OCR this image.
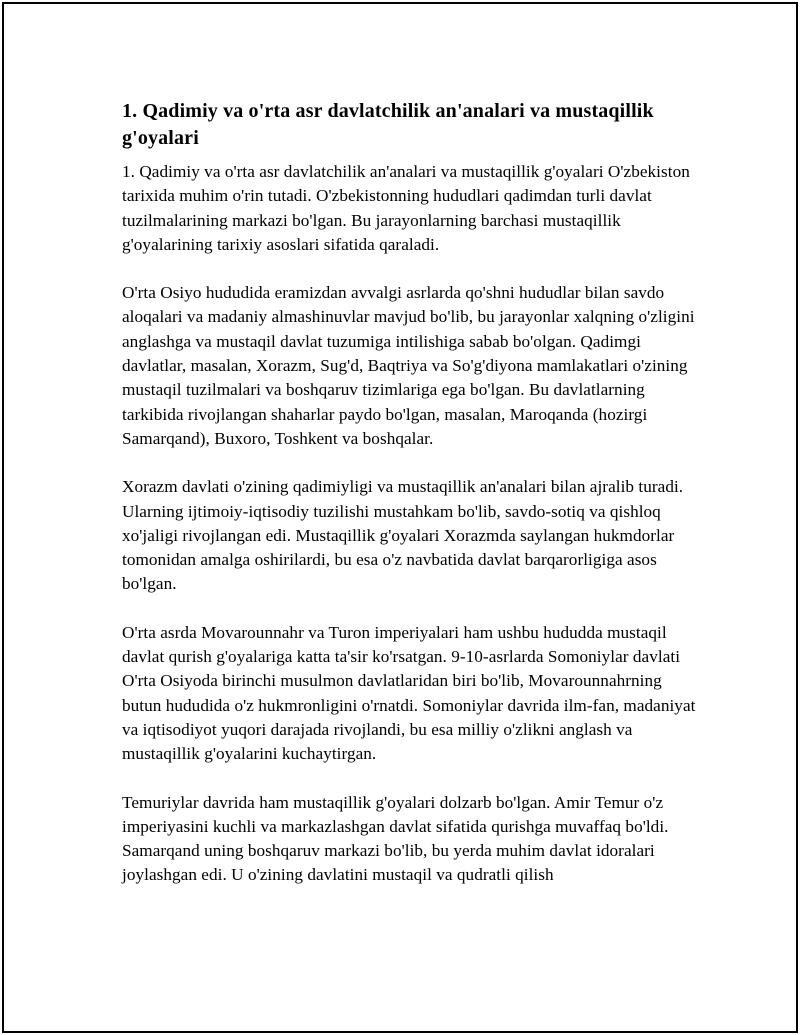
1. Qadimiy va o'rta asr davlatchilik an'analari va mustaqillik g'oyalari

1. Qadimiy va o'rta asr davlatchilik an'analari va mustaqillik g'oyalari O'zbekiston tarixida muhim o'rin tutadi. O'zbekistonning hududlari qadimdan turli davlat tuzilmalarining markazi bo'lgan. Bu jarayonlarning barchasi mustaqillik g'oyalarining tarixiy asoslari sifatida qaraladi.

O'rta Osiyo hududida eramizdan avvalgi asrlarda qo'shni hududlar bilan savdo aloqalari va madaniy almashinuvlar mavjud bo'lib, bu jarayonlar xalqning o'zligini anglashga va mustaqil davlat tuzumiga intilishiga sabab bo'olgan. Qadimgi davlatlar, masalan, Xorazm, Sug'd, Baqtriya va So'g'diyona mamlakatlari o'zining mustaqil tuzilmalari va boshqaruv tizimlariga ega bo'lgan. Bu davlatlarning tarkibida rivojlangan shaharlar paydo bo'lgan, masalan, Maroqanda (hozirgi Samarqand), Buxoro, Toshkent va boshqalar.

Xorazm davlati o'zining qadimiyligi va mustaqillik an'analari bilan ajralib turadi. Ularning ijtimoiy-iqtisodiy tuzilishi mustahkam bo'lib, savdo-sotiq va qishloq xo'jaligi rivojlangan edi. Mustaqillik g'oyalari Xorazmda saylangan hukmdorlar tomonidan amalga oshirilardi, bu esa o'z navbatida davlat barqarorligiga asos bo'lgan.

O'rta asrda Movarounnahr va Turon imperiyalari ham ushbu hududda mustaqil davlat qurish g'oyalariga katta ta'sir ko'rsatgan. 9-10-asrlarda Somoniylar davlati O'rta Osiyoda birinchi musulmon davlatlaridan biri bo'lib, Movarounnahrning butun hududida o'z hukmronligini o'rnatdi. Somoniylar davrida ilm-fan, madaniyat va iqtisodiyot yuqori darajada rivojlandi, bu esa milliy o'zlikni anglash va mustaqillik g'oyalarini kuchaytirgan.

Temuriylar davrida ham mustaqillik g'oyalari dolzarb bo'lgan. Amir Temur o'z imperiyasini kuchli va markazlashgan davlat sifatida qurishga muvaffaq bo'ldi. Samarqand uning boshqaruv markazi bo'lib, bu yerda muhim davlat idoralari joylashgan edi. U o'zining davlatini mustaqil va qudratli qilish
